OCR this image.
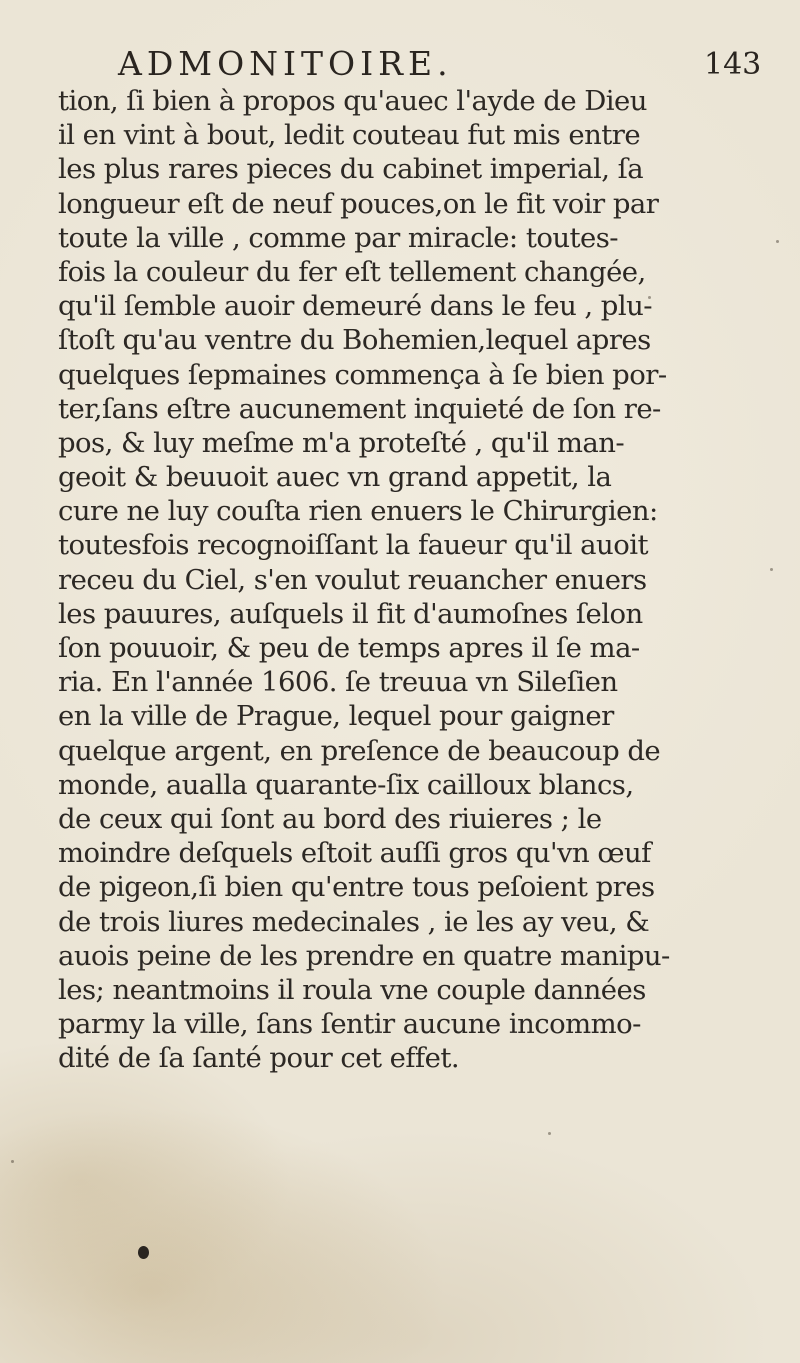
ADMONITOIRE.	143
tion, ſi bien à propos qu'auec l'ayde de Dieu
il en vint à bout, ledit couteau fut mis entre
les plus rares pieces du cabinet imperial, ſa
longueur eſt de neuf pouces,on le fit voir par
toute la ville , comme par miracle: toutes-
fois la couleur du fer eſt tellement changée,
qu'il ſemble auoir demeuré dans le feu , plu-
ſtoſt qu'au ventre du Bohemien,lequel apres
quelques ſepmaines commença à ſe bien por-
ter,ſans eſtre aucunement inquieté de ſon re-
pos, & luy meſme m'a proteſté , qu'il man-
geoit & beuuoit auec vn grand appetit, la
cure ne luy couſta rien enuers le Chirurgien:
toutesfois recognoiſſant la faueur qu'il auoit
receu du Ciel, s'en voulut reuancher enuers
les pauures, auſquels il fit d'aumoſnes ſelon
ſon pouuoir, & peu de temps apres il ſe ma-
ria. En l'année 1606. ſe treuua vn Sileſien
en la ville de Prague, lequel pour gaigner
quelque argent, en preſence de beaucoup de
monde, aualla quarante-ſix cailloux blancs,
de ceux qui ſont au bord des riuieres ; le
moindre deſquels eſtoit auſſi gros qu'vn œuf
de pigeon,ſi bien qu'entre tous peſoient pres
de trois liures medecinales , ie les ay veu, &
auois peine de les prendre en quatre manipu-
les; neantmoins il roula vne couple dannées
parmy la ville, ſans ſentir aucune incommo-
dité de ſa ſanté pour cet effet.
